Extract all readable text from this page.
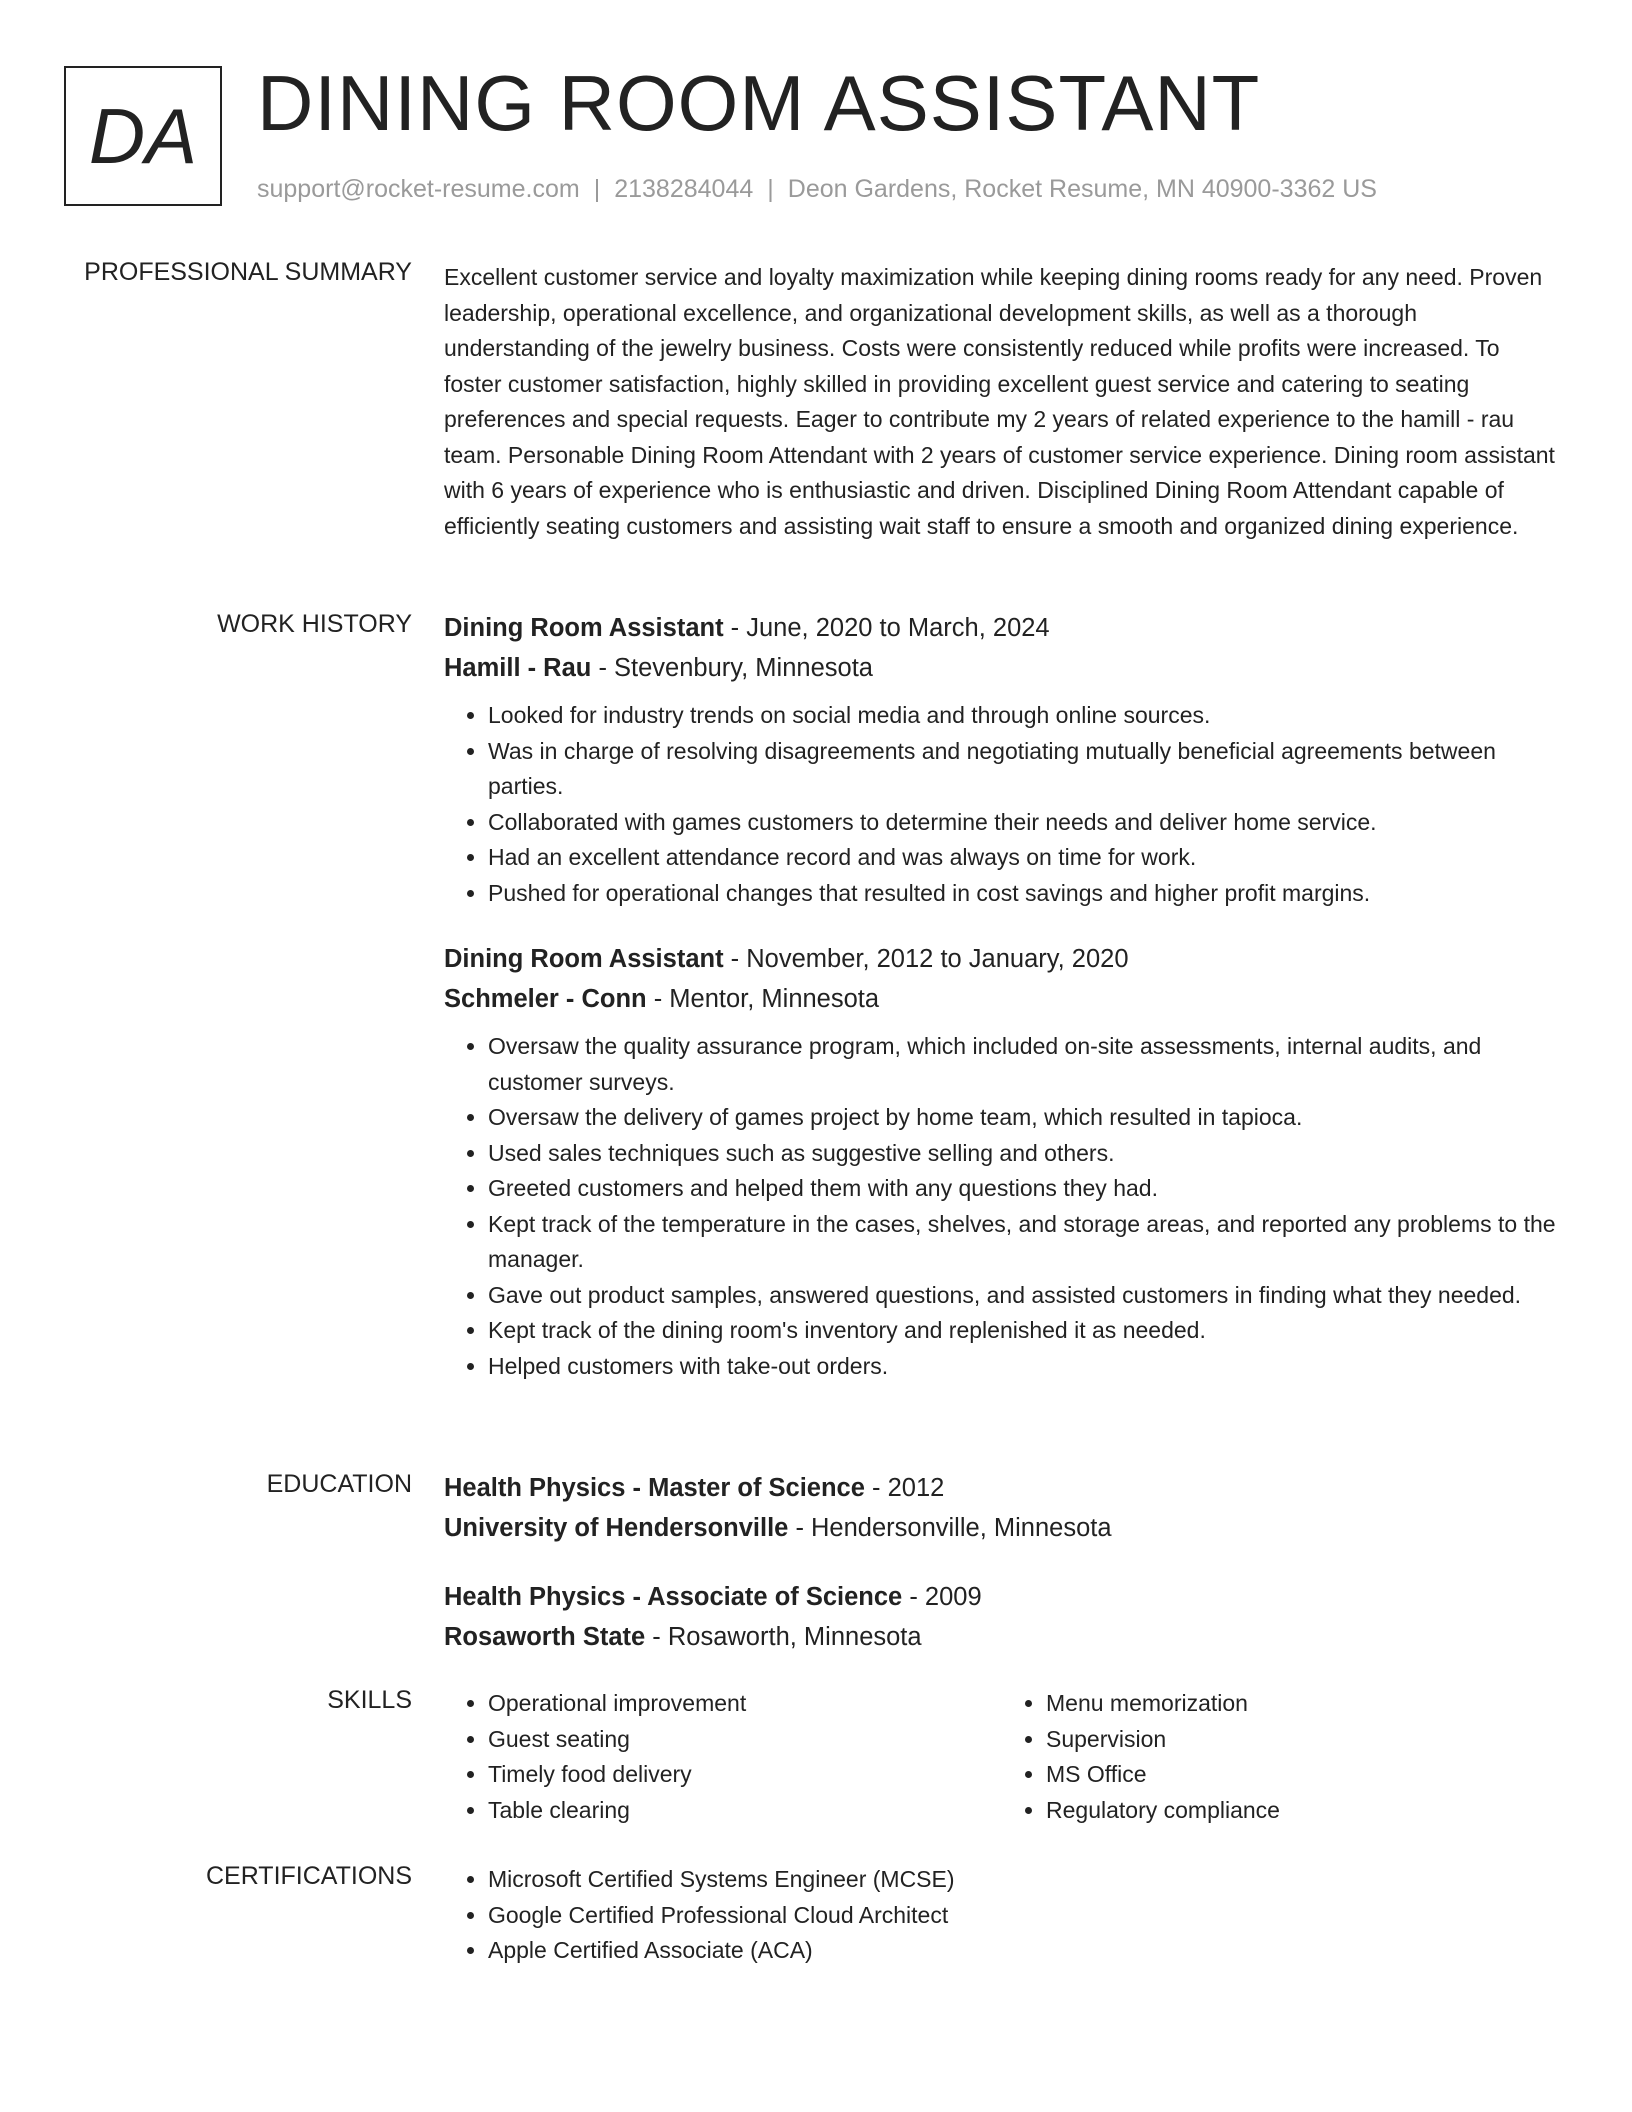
DA DINING ROOM ASSISTANT
support@rocket-resume.com | 2138284044 | Deon Gardens, Rocket Resume, MN 40900-3362 US
PROFESSIONAL SUMMARY Excellent customer service and loyalty maximization while keeping dining rooms ready for any need. Proven leadership, operational excellence, and organizational development skills, as well as a thorough understanding of the jewelry business. Costs were consistently reduced while profits were increased. To foster customer satisfaction, highly skilled in providing excellent guest service and catering to seating preferences and special requests. Eager to contribute my 2 years of related experience to the hamill - rau team. Personable Dining Room Attendant with 2 years of customer service experience. Dining room assistant with 6 years of experience who is enthusiastic and driven. Disciplined Dining Room Attendant capable of efficiently seating customers and assisting wait staff to ensure a smooth and organized dining experience.
WORK HISTORY Dining Room Assistant - June, 2020 to March, 2024
Hamill - Rau - Stevenbury, Minnesota
• Looked for industry trends on social media and through online sources.
• Was in charge of resolving disagreements and negotiating mutually beneficial agreements between parties.
• Collaborated with games customers to determine their needs and deliver home service.
• Had an excellent attendance record and was always on time for work.
• Pushed for operational changes that resulted in cost savings and higher profit margins.
Dining Room Assistant - November, 2012 to January, 2020
Schmeler - Conn - Mentor, Minnesota
• Oversaw the quality assurance program, which included on-site assessments, internal audits, and customer surveys.
• Oversaw the delivery of games project by home team, which resulted in tapioca.
• Used sales techniques such as suggestive selling and others.
• Greeted customers and helped them with any questions they had.
• Kept track of the temperature in the cases, shelves, and storage areas, and reported any problems to the manager.
• Gave out product samples, answered questions, and assisted customers in finding what they needed.
• Kept track of the dining room's inventory and replenished it as needed.
• Helped customers with take-out orders.
EDUCATION Health Physics - Master of Science - 2012
University of Hendersonville - Hendersonville, Minnesota
Health Physics - Associate of Science - 2009
Rosaworth State - Rosaworth, Minnesota
SKILLS	• Operational improvement
• Guest seating
• Timely food delivery
• Table clearing
• Menu memorization
• Supervision
• MS Office
• Regulatory compliance
CERTIFICATIONS	• Microsoft Certified Systems Engineer (MCSE)
• Google Certified Professional Cloud Architect
• Apple Certified Associate (ACA)
